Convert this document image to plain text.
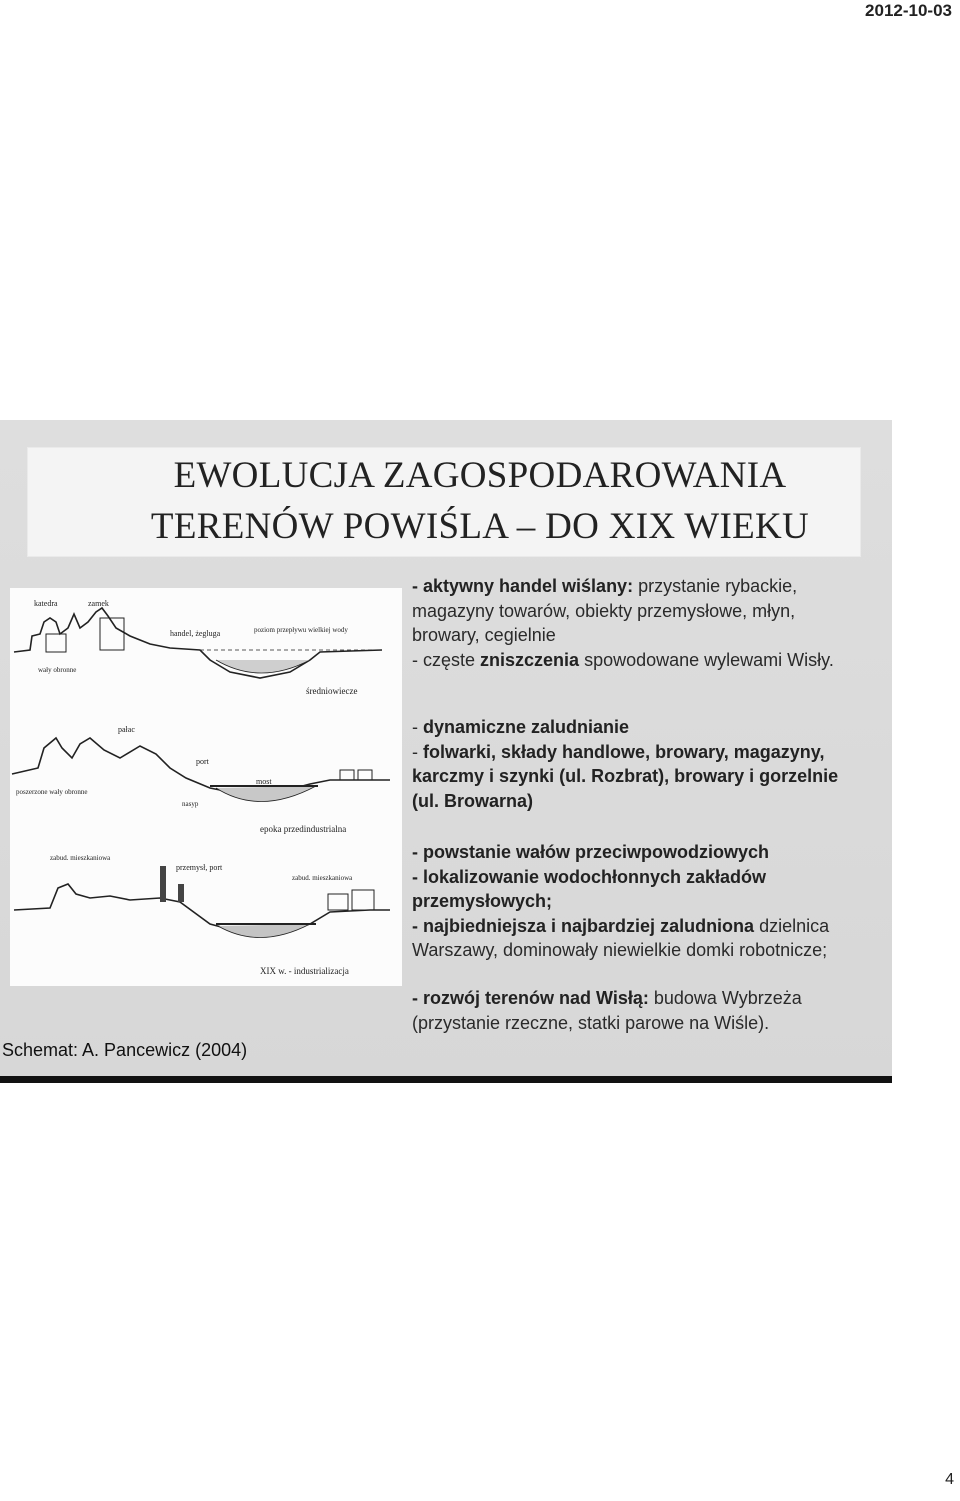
2012-10-03
EWOLUCJA ZAGOSPODAROWANIA
TERENÓW POWIŚLA – DO XIX WIEKU
katedra	zamek
handel, żegluga	poziom przepływu wielkiej wody
wały obronne
średniowiecze
pałac
port
most
poszerzone wały obronne
nasyp
epoka przedindustrialna
zabud. mieszkaniowa
przemysł, port
zabud. mieszkaniowa
XIX w. - industrializacja
- aktywny handel wiślany: przystanie rybackie,
magazyny towarów, obiekty przemysłowe, młyn,
browary, cegielnie
- częste zniszczenia spowodowane wylewami Wisły.
- dynamiczne zaludnianie
- folwarki, składy handlowe, browary, magazyny,
karczmy i szynki (ul. Rozbrat), browary i gorzelnie
(ul. Browarna)
- powstanie wałów przeciwpowodziowych
- lokalizowanie wodochłonnych zakładów
przemysłowych;
- najbiedniejsza i najbardziej zaludniona dzielnica
Warszawy, dominowały niewielkie domki robotnicze;
- rozwój terenów nad Wisłą: budowa Wybrzeża
(przystanie rzeczne, statki parowe na Wiśle).
Schemat: A. Pancewicz (2004)
4
